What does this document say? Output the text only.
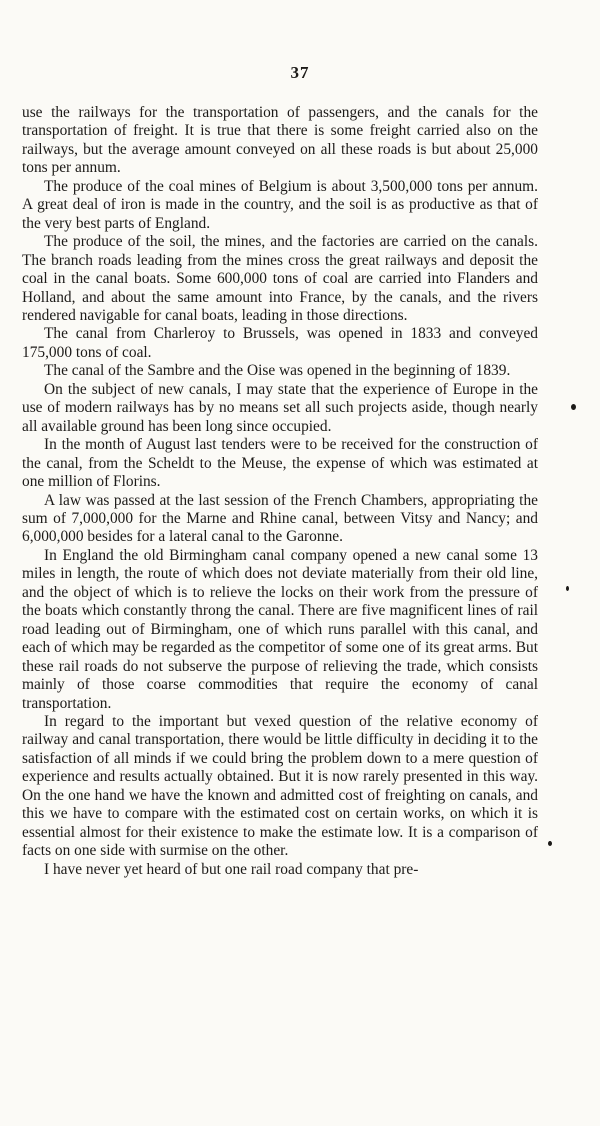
37

use the railways for the transportation of passengers, and the canals for the transportation of freight. It is true that there is some freight carried also on the railways, but the average amount conveyed on all these roads is but about 25,000 tons per annum.

The produce of the coal mines of Belgium is about 3,500,000 tons per annum. A great deal of iron is made in the country, and the soil is as productive as that of the very best parts of England.

The produce of the soil, the mines, and the factories are carried on the canals. The branch roads leading from the mines cross the great railways and deposit the coal in the canal boats. Some 600,000 tons of coal are carried into Flanders and Holland, and about the same amount into France, by the canals, and the rivers rendered navigable for canal boats, leading in those directions.

The canal from Charleroy to Brussels, was opened in 1833 and conveyed 175,000 tons of coal.

The canal of the Sambre and the Oise was opened in the beginning of 1839.

On the subject of new canals, I may state that the experience of Europe in the use of modern railways has by no means set all such projects aside, though nearly all available ground has been long since occupied.

In the month of August last tenders were to be received for the construction of the canal, from the Scheldt to the Meuse, the expense of which was estimated at one million of Florins.

A law was passed at the last session of the French Chambers, appropriating the sum of 7,000,000 for the Marne and Rhine canal, between Vitsy and Nancy; and 6,000,000 besides for a lateral canal to the Garonne.

In England the old Birmingham canal company opened a new canal some 13 miles in length, the route of which does not deviate materially from their old line, and the object of which is to relieve the locks on their work from the pressure of the boats which constantly throng the canal. There are five magnificent lines of rail road leading out of Birmingham, one of which runs parallel with this canal, and each of which may be regarded as the competitor of some one of its great arms. But these rail roads do not subserve the purpose of relieving the trade, which consists mainly of those coarse commodities that require the economy of canal transportation.

In regard to the important but vexed question of the relative economy of railway and canal transportation, there would be little difficulty in deciding it to the satisfaction of all minds if we could bring the problem down to a mere question of experience and results actually obtained. But it is now rarely presented in this way. On the one hand we have the known and admitted cost of freighting on canals, and this we have to compare with the estimated cost on certain works, on which it is essential almost for their existence to make the estimate low. It is a comparison of facts on one side with surmise on the other.

I have never yet heard of but one rail road company that pre-
